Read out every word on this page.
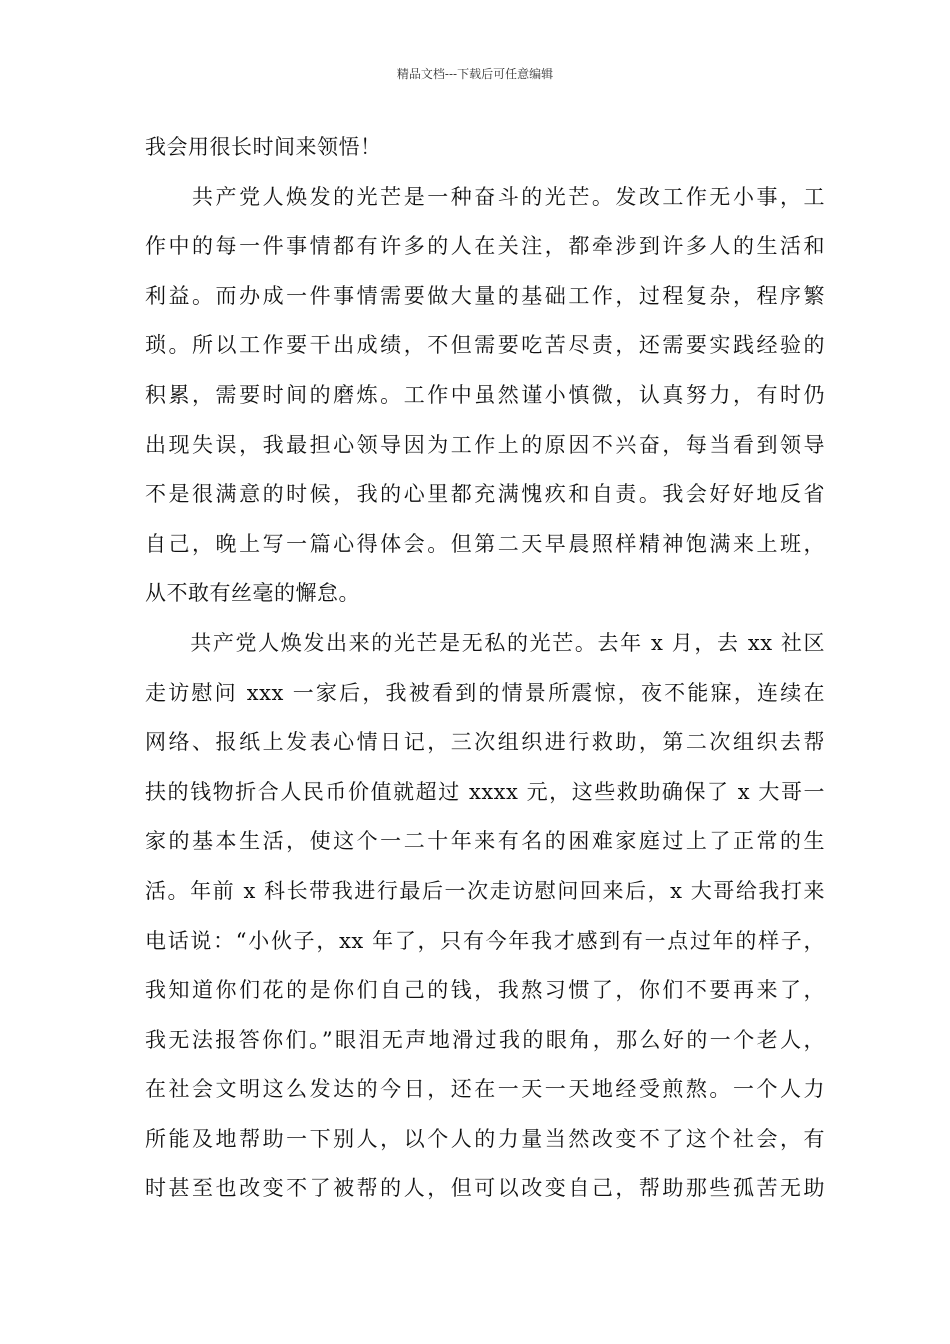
精品文档---下载后可任意编辑
我会用很长时间来领悟！
　　共产党人焕发的光芒是一种奋斗的光芒。发改工作无小事，工
作中的每一件事情都有许多的人在关注，都牵涉到许多人的生活和
利益。而办成一件事情需要做大量的基础工作，过程复杂，程序繁
琐。所以工作要干出成绩，不但需要吃苦尽责，还需要实践经验的
积累，需要时间的磨炼。工作中虽然谨小慎微，认真努力，有时仍
出现失误，我最担心领导因为工作上的原因不兴奋，每当看到领导
不是很满意的时候，我的心里都充满愧疚和自责。我会好好地反省
自己，晚上写一篇心得体会。但第二天早晨照样精神饱满来上班，
从不敢有丝毫的懈怠。
　　共产党人焕发出来的光芒是无私的光芒。去年 x 月，去 xx 社区
走访慰问 xxx 一家后，我被看到的情景所震惊，夜不能寐，连续在
网络、报纸上发表心情日记，三次组织进行救助，第二次组织去帮
扶的钱物折合人民币价值就超过 xxxx 元，这些救助确保了 x 大哥一
家的基本生活，使这个一二十年来有名的困难家庭过上了正常的生
活。年前 x 科长带我进行最后一次走访慰问回来后，x 大哥给我打来
电话说：“小伙子，xx 年了，只有今年我才感到有一点过年的样子，
我知道你们花的是你们自己的钱，我熬习惯了，你们不要再来了，
我无法报答你们。”眼泪无声地滑过我的眼角，那么好的一个老人，
在社会文明这么发达的今日，还在一天一天地经受煎熬。一个人力
所能及地帮助一下别人，以个人的力量当然改变不了这个社会，有
时甚至也改变不了被帮的人，但可以改变自己，帮助那些孤苦无助
